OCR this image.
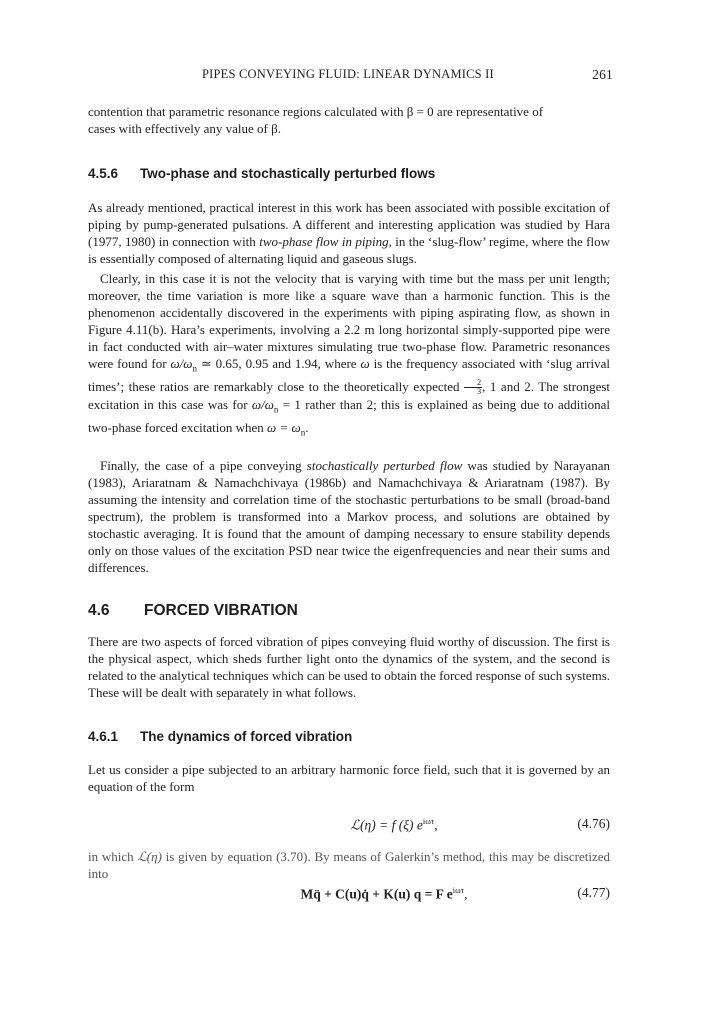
PIPES CONVEYING FLUID: LINEAR DYNAMICS II	261

contention that parametric resonance regions calculated with β = 0 are representative of

cases with effectively any value of β.

4.5.6 Two-phase and stochastically perturbed flows

As already mentioned, practical interest in this work has been associated with possible excitation of piping by pump-generated pulsations. A different and interesting application was studied by Hara (1977, 1980) in connection with two-phase flow in piping, in the ‘slug-flow’ regime, where the flow is essentially composed of alternating liquid and gaseous slugs.

Clearly, in this case it is not the velocity that is varying with time but the mass per unit length; moreover, the time variation is more like a square wave than a harmonic function. This is the phenomenon accidentally discovered in the experiments with piping aspirating flow, as shown in Figure 4.11(b). Hara’s experiments, involving a 2.2 m long horizontal simply-supported pipe were in fact conducted with air–water mixtures simulating true two-phase flow. Parametric resonances were found for $\omega/\omega_n$ ≃ 0.65, 0.95 and 1.94, where ω is the frequency associated with ‘slug arrival times’; these ratios are remarkably close to the theoretically expected $\frac{2}{3}$ , 1 and 2. The strongest excitation in this case was for $\omega/\omega_n = 1$ rather than 2; this is explained as being due to additional two-phase forced excitation when $\omega = \omega_n$.

Finally, the case of a pipe conveying stochastically perturbed flow was studied by Narayanan (1983), Ariaratnam & Namachchivaya (1986b) and Namachchivaya & Ariaratnam (1987). By assuming the intensity and correlation time of the stochastic perturbations to be small (broad-band spectrum), the problem is transformed into a Markov process, and solutions are obtained by stochastic averaging. It is found that the amount of damping necessary to ensure stability depends only on those values of the excitation PSD near twice the eigenfrequencies and near their sums and differences.

4.6 FORCED VIBRATION

There are two aspects of forced vibration of pipes conveying fluid worthy of discussion. The first is the physical aspect, which sheds further light onto the dynamics of the system, and the second is related to the analytical techniques which can be used to obtain the forced response of such systems. These will be dealt with separately in what follows.

4.6.1 The dynamics of forced vibration

Let us consider a pipe subjected to an arbitrary harmonic force field, such that it is governed by an equation of the form

ℒ(η) = f (ξ) $e^{i\omega\tau}$,	(4.76)

in which ℒ(η) is given by equation (3.70). By means of Galerkin’s method, this may be discretized into

Mq̈ + C(u)q̇ + K(u) q = F $e^{i\omega\tau}$,	(4.77)
